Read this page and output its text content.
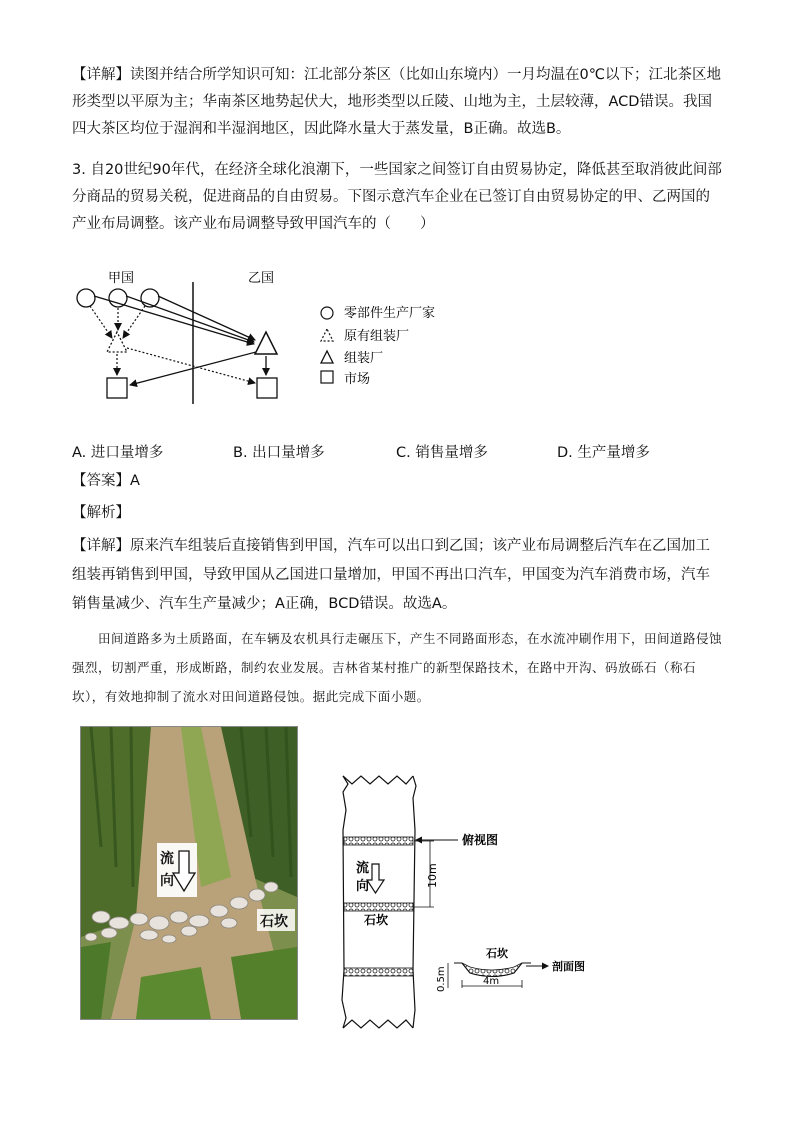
【详解】读图并结合所学知识可知：江北部分茶区（比如山东境内）一月均温在0℃以下；江北茶区地形类型以平原为主；华南茶区地势起伏大，地形类型以丘陵、山地为主，土层较薄，ACD错误。我国四大茶区均位于湿润和半湿润地区，因此降水量大于蒸发量，B正确。故选B。

3. 自20世纪90年代，在经济全球化浪潮下，一些国家之间签订自由贸易协定，降低甚至取消彼此间部分商品的贸易关税，促进商品的自由贸易。下图示意汽车企业在已签订自由贸易协定的甲、乙两国的产业布局调整。该产业布局调整导致甲国汽车的（　　）

甲国	乙国
零部件生产厂家
原有组装厂
组装厂
市场
A. 进口量增多	B. 出口量增多	C. 销售量增多	D. 生产量增多

【答案】A

【解析】

【详解】原来汽车组装后直接销售到甲国，汽车可以出口到乙国；该产业布局调整后汽车在乙国加工组装再销售到甲国，导致甲国从乙国进口量增加，甲国不再出口汽车，甲国变为汽车消费市场，汽车销售量减少、汽车生产量减少；A正确，BCD错误。故选A。

田间道路多为土质路面，在车辆及农机具行走碾压下，产生不同路面形态，在水流冲刷作用下，田间道路侵蚀强烈，切割严重，形成断路，制约农业发展。吉林省某村推广的新型保路技术，在路中开沟、码放砾石（称石坎），有效地抑制了流水对田间道路侵蚀。据此完成下面小题。

流
向
石坎
俯视图
流
向	10m
石坎
石坎
剖面图
0.5m	4m
